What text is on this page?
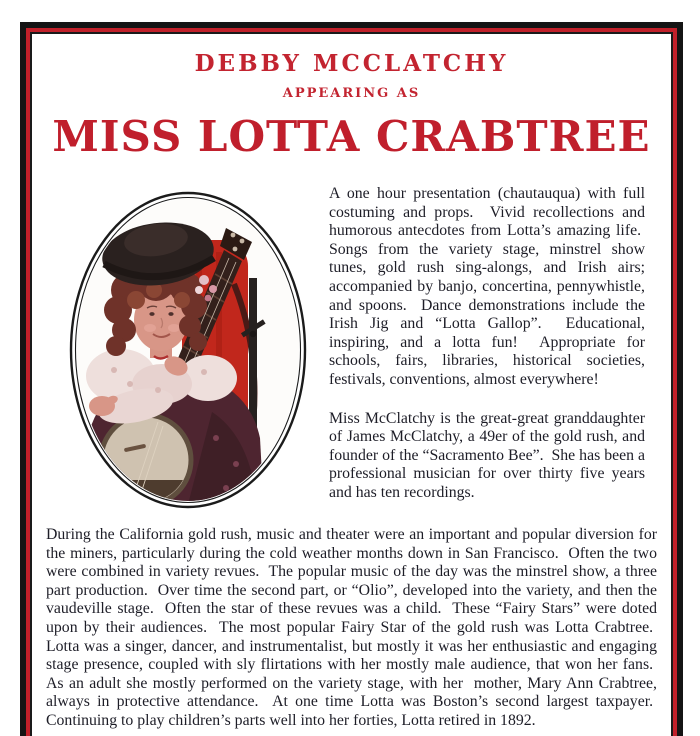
DEBBY MCCLATCHY
APPEARING AS
MISS LOTTA CRABTREE

A one hour presentation (chautauqua) with full costuming and props.  Vivid recollections and humorous antecdotes from Lotta’s amazing life.  Songs from the variety stage, minstrel show tunes, gold rush sing-alongs, and Irish airs; accompanied by banjo, concertina, pennywhistle, and spoons.  Dance demonstrations include the Irish Jig and “Lotta Gallop”.  Educational, inspiring, and a lotta fun!  Appropriate for schools, fairs, libraries, historical societies, festivals, conventions, almost everywhere!

Miss McClatchy is the great-great granddaughter of James McClatchy, a 49er of the gold rush, and founder of the “Sacramento Bee”.  She has been a professional musician for over thirty five years and has ten recordings.

During the California gold rush, music and theater were an important and popular diversion for the miners, particularly during the cold weather months down in San Francisco.  Often the two were combined in variety revues.  The popular music of the day was the minstrel show, a three part production.  Over time the second part, or “Olio”, developed into the variety, and then the vaudeville stage.  Often the star of these revues was a child.  These “Fairy Stars” were doted upon by their audiences.  The most popular Fairy Star of the gold rush was Lotta Crabtree.  Lotta was a singer, dancer, and instrumentalist, but mostly it was her enthusiastic and engaging stage presence, coupled with sly flirtations with her mostly male audience, that won her fans.  As an adult she mostly performed on the variety stage, with her  mother, Mary Ann Crabtree, always in protective attendance.  At one time Lotta was Boston’s second largest taxpayer.  Continuing to play children’s parts well into her forties, Lotta retired in 1892.
